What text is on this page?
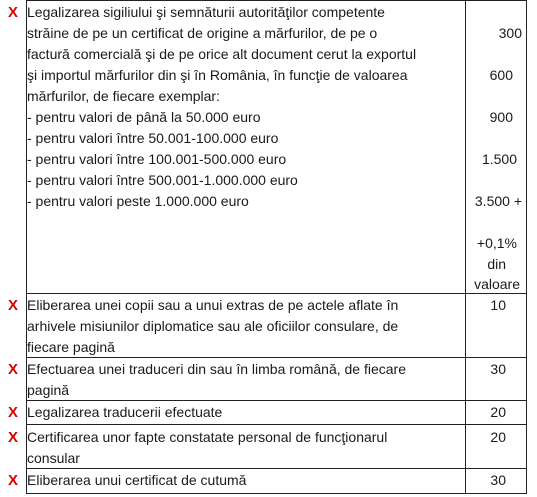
X Legalizarea sigiliului şi semnăturii autorităţilor competente
străine de pe un certificat de origine a mărfurilor, de pe o
factură comercială şi de pe orice alt document cerut la exportul
şi importul mărfurilor din şi în România, în funcţie de valoarea
mărfurilor, de fiecare exemplar:
- pentru valori de până la 50.000 euro
- pentru valori între 50.001-100.000 euro
- pentru valori între 100.001-500.000 euro
- pentru valori între 500.001-1.000.000 euro
- pentru valori peste 1.000.000 euro
300
600
900
1.500
3.500 +
+0,1%
din
valoare
X Eliberarea unei copii sau a unui extras de pe actele aflate în
arhivele misiunilor diplomatice sau ale oficiilor consulare, de
fiecare pagină
10
X Efectuarea unei traduceri din sau în limba română, de fiecare
pagină
30
X Legalizarea traducerii efectuate	20
X Certificarea unor fapte constatate personal de funcţionarul
consular
20
X Eliberarea unui certificat de cutumă	30
